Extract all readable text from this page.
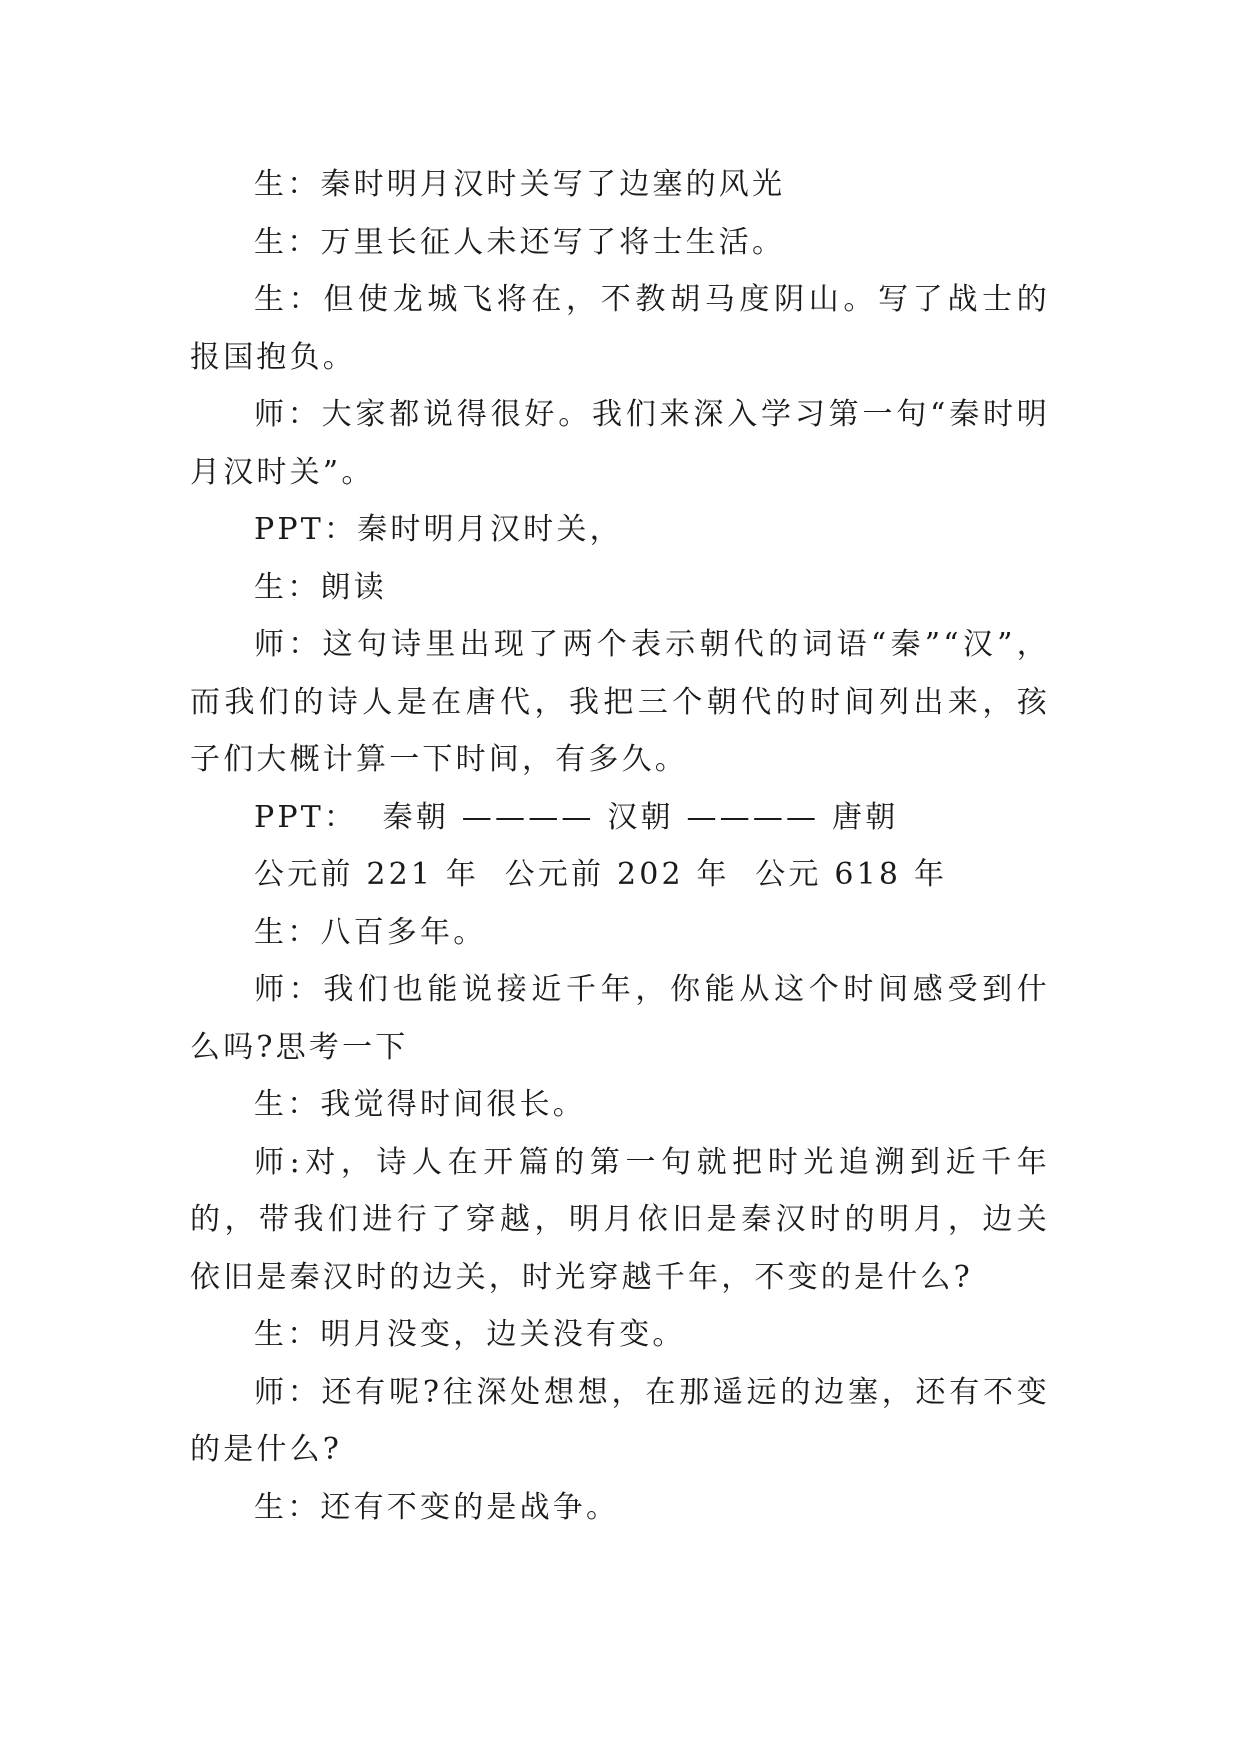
生：秦时明月汉时关写了边塞的风光

生：万里长征人未还写了将士生活。

生：但使龙城飞将在，不教胡马度阴山。写了战士的报国抱负。

师：大家都说得很好。我们来深入学习第一句“秦时明月汉时关”。

PPT：秦时明月汉时关，

生：朗读

师：这句诗里出现了两个表示朝代的词语“秦”“汉”，而我们的诗人是在唐代，我把三个朝代的时间列出来，孩子们大概计算一下时间，有多久。

PPT：  秦朝 ———— 汉朝 ———— 唐朝

公元前 221 年  公元前 202 年  公元 618 年

生：八百多年。

师：我们也能说接近千年，你能从这个时间感受到什么吗?思考一下

生：我觉得时间很长。

师:对，诗人在开篇的第一句就把时光追溯到近千年的，带我们进行了穿越，明月依旧是秦汉时的明月，边关依旧是秦汉时的边关，时光穿越千年，不变的是什么?

生：明月没变，边关没有变。

师：还有呢?往深处想想，在那遥远的边塞，还有不变的是什么?

生：还有不变的是战争。
